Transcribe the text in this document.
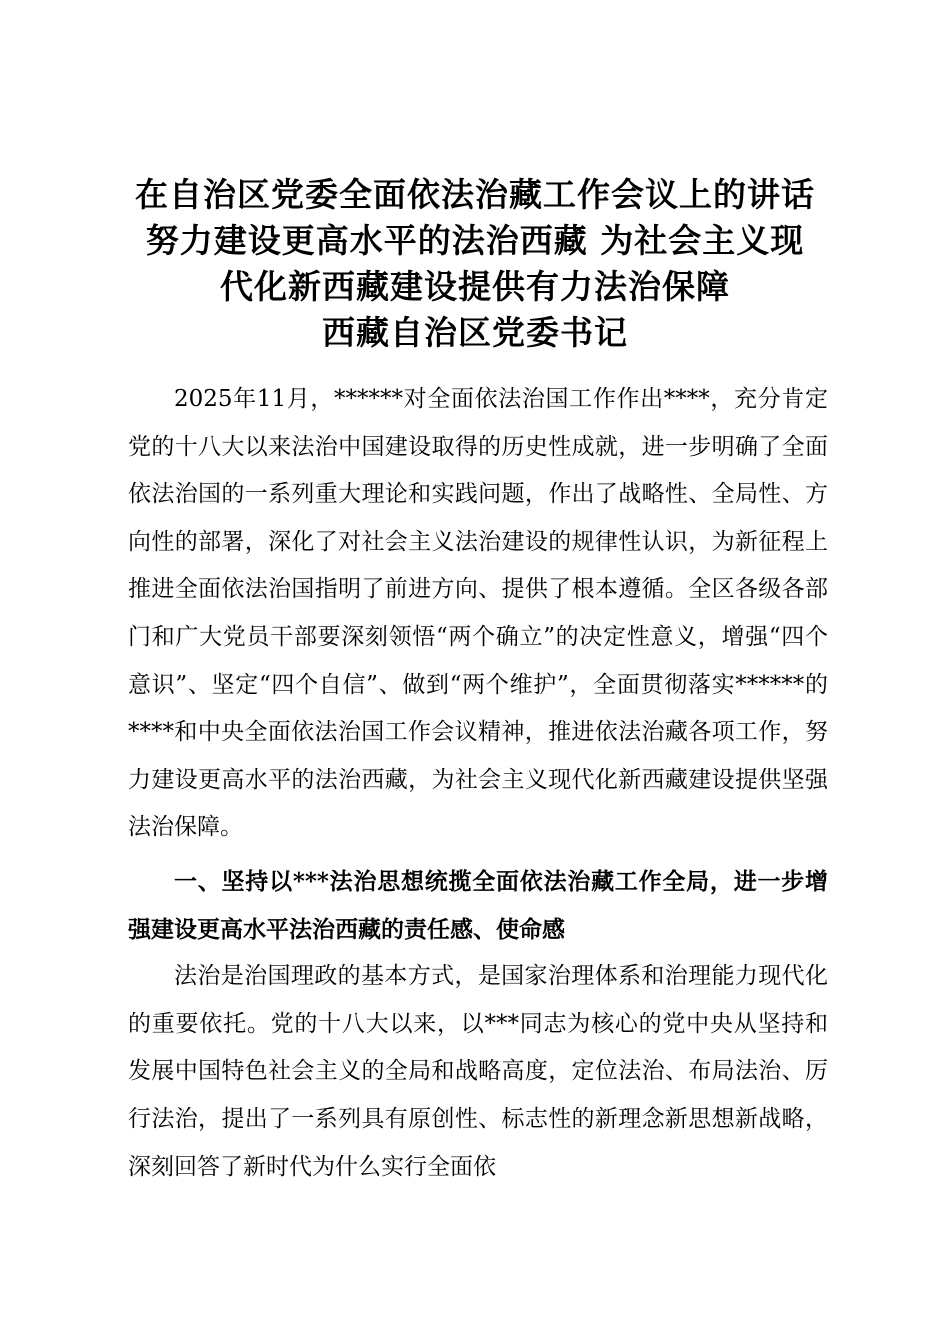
在自治区党委全面依法治藏工作会议上的讲话
努力建设更高水平的法治西藏 为社会主义现
代化新西藏建设提供有力法治保障
西藏自治区党委书记

2025年11月，******对全面依法治国工作作出****，充分肯定党的十八大以来法治中国建设取得的历史性成就，进一步明确了全面依法治国的一系列重大理论和实践问题，作出了战略性、全局性、方向性的部署，深化了对社会主义法治建设的规律性认识，为新征程上推进全面依法治国指明了前进方向、提供了根本遵循。全区各级各部门和广大党员干部要深刻领悟“两个确立”的决定性意义，增强“四个意识”、坚定“四个自信”、做到“两个维护”，全面贯彻落实******的****和中央全面依法治国工作会议精神，推进依法治藏各项工作，努力建设更高水平的法治西藏，为社会主义现代化新西藏建设提供坚强法治保障。

一、坚持以***法治思想统揽全面依法治藏工作全局，进一步增强建设更高水平法治西藏的责任感、使命感

法治是治国理政的基本方式，是国家治理体系和治理能力现代化的重要依托。党的十八大以来，以***同志为核心的党中央从坚持和发展中国特色社会主义的全局和战略高度，定位法治、布局法治、厉行法治，提出了一系列具有原创性、标志性的新理念新思想新战略，深刻回答了新时代为什么实行全面依
